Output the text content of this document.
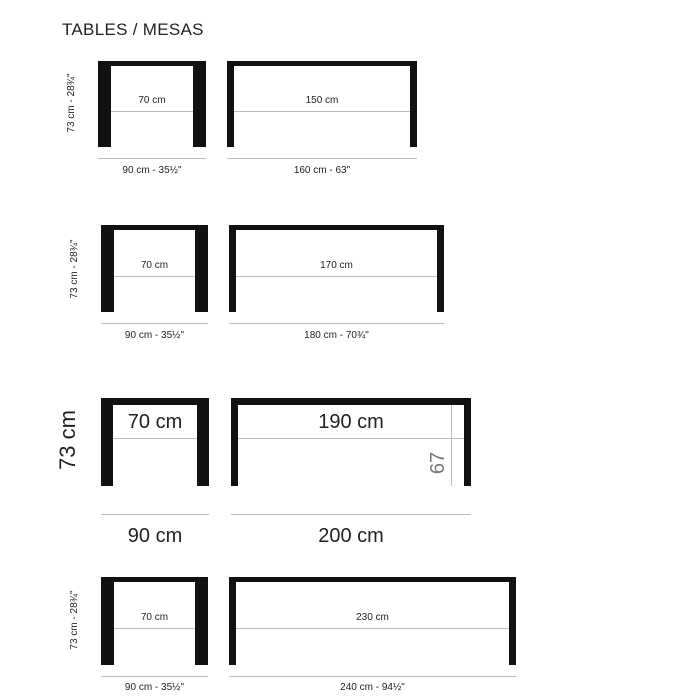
TABLES / MESAS
73 cm - 28¾"	70 cm
90 cm - 35½"
150 cm
160 cm - 63"
73 cm - 28¾"	70 cm
90 cm - 35½"
170 cm
180 cm - 70¾"
73 cm	70 cm
90 cm
190 cm
67
200 cm
73 cm - 28¾"	70 cm
90 cm - 35½"
230 cm
240 cm - 94½"
